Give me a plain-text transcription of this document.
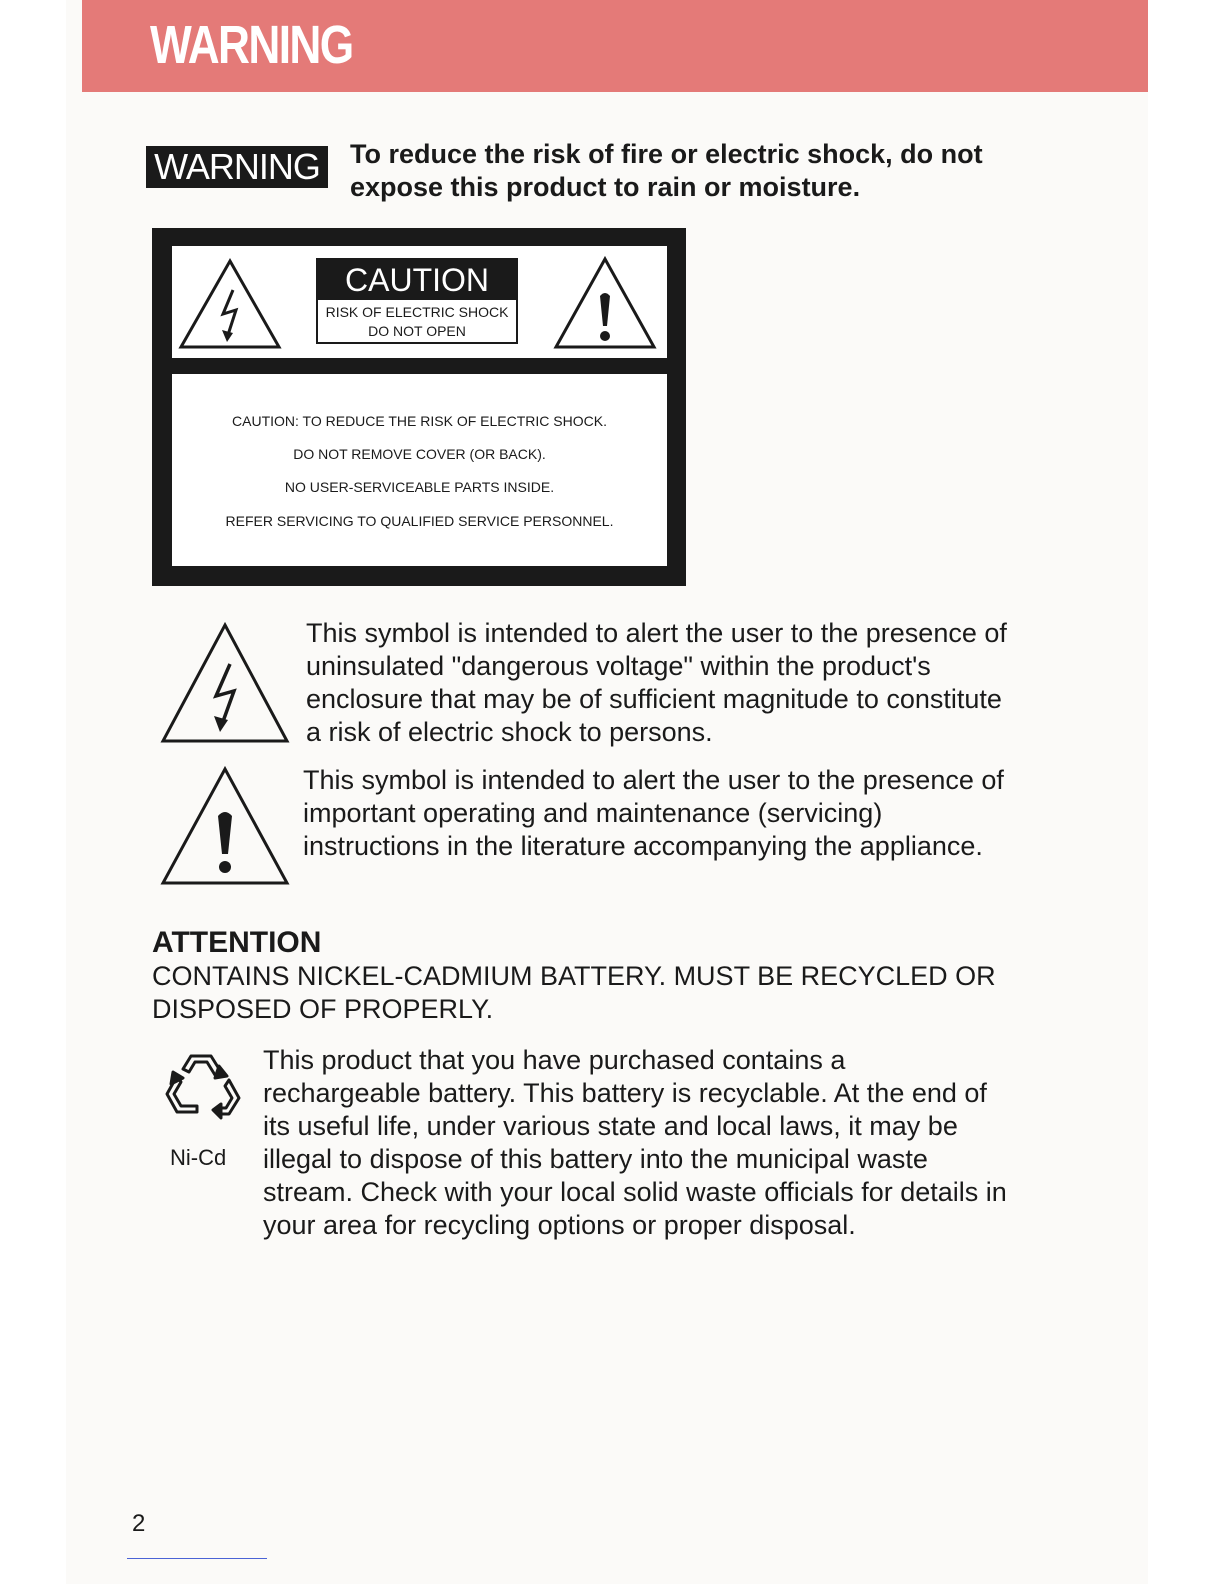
WARNING
WARNING	To reduce the risk of fire or electric shock, do not
expose this product to rain or moisture.
CAUTION
RISK OF ELECTRIC SHOCK
DO NOT OPEN
CAUTION: TO REDUCE THE RISK OF ELECTRIC SHOCK.
DO NOT REMOVE COVER (OR BACK).
NO USER-SERVICEABLE PARTS INSIDE.
REFER SERVICING TO QUALIFIED SERVICE PERSONNEL.
This symbol is intended to alert the user to the presence of
uninsulated "dangerous voltage" within the product's
enclosure that may be of sufficient magnitude to constitute
a risk of electric shock to persons.
This symbol is intended to alert the user to the presence of
important operating and maintenance (servicing)
instructions in the literature accompanying the appliance.
ATTENTION
CONTAINS NICKEL-CADMIUM BATTERY. MUST BE RECYCLED OR
DISPOSED OF PROPERLY.
Ni-Cd
This product that you have purchased contains a
rechargeable battery. This battery is recyclable. At the end of
its useful life, under various state and local laws, it may be
illegal to dispose of this battery into the municipal waste
stream. Check with your local solid waste officials for details in
your area for recycling options or proper disposal.
2
